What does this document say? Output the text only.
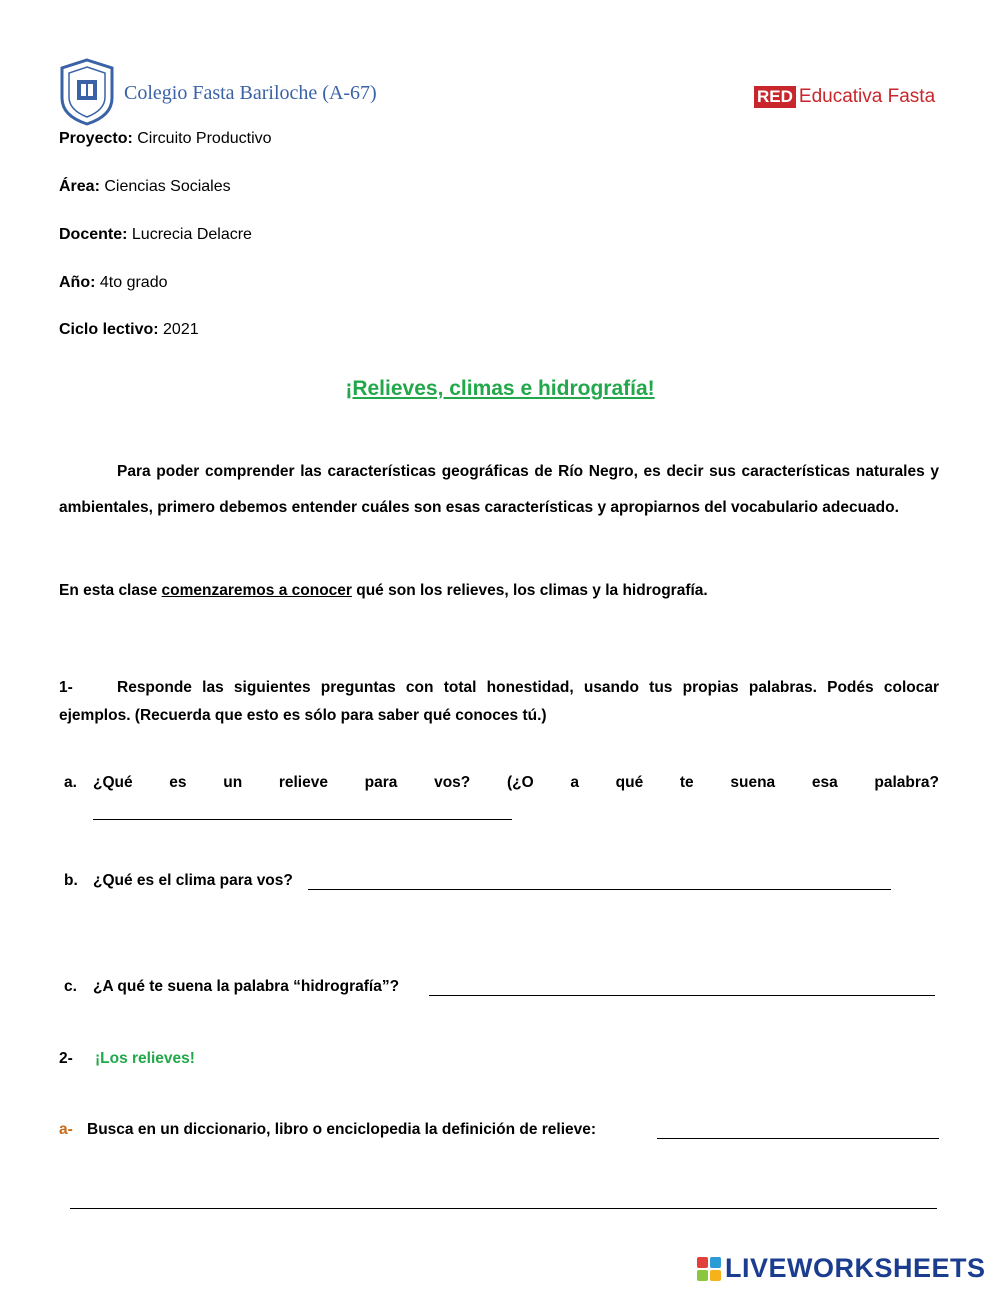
Colegio Fasta Bariloche (A-67)	RED Educativa Fasta
Proyecto: Circuito Productivo
Área: Ciencias Sociales
Docente: Lucrecia Delacre
Año: 4to grado
Ciclo lectivo: 2021
¡Relieves, climas e hidrografía!
Para poder comprender las características geográficas de Río Negro, es decir sus características naturales y ambientales, primero debemos entender cuáles son esas características y apropiarnos del vocabulario adecuado.
En esta clase comenzaremos a conocer qué son los relieves, los climas y la hidrografía.
1-	Responde las siguientes preguntas con total honestidad, usando tus propias palabras. Podés colocar ejemplos. (Recuerda que esto es sólo para saber qué conoces tú.)
a. ¿Qué es un relieve para vos? (¿O a qué te suena esa palabra?
b. ¿Qué es el clima para vos?
c. ¿A qué te suena la palabra “hidrografía”?
2- ¡Los relieves!
a- Busca en un diccionario, libro o enciclopedia la definición de relieve:
LIVEWORKSHEETS
